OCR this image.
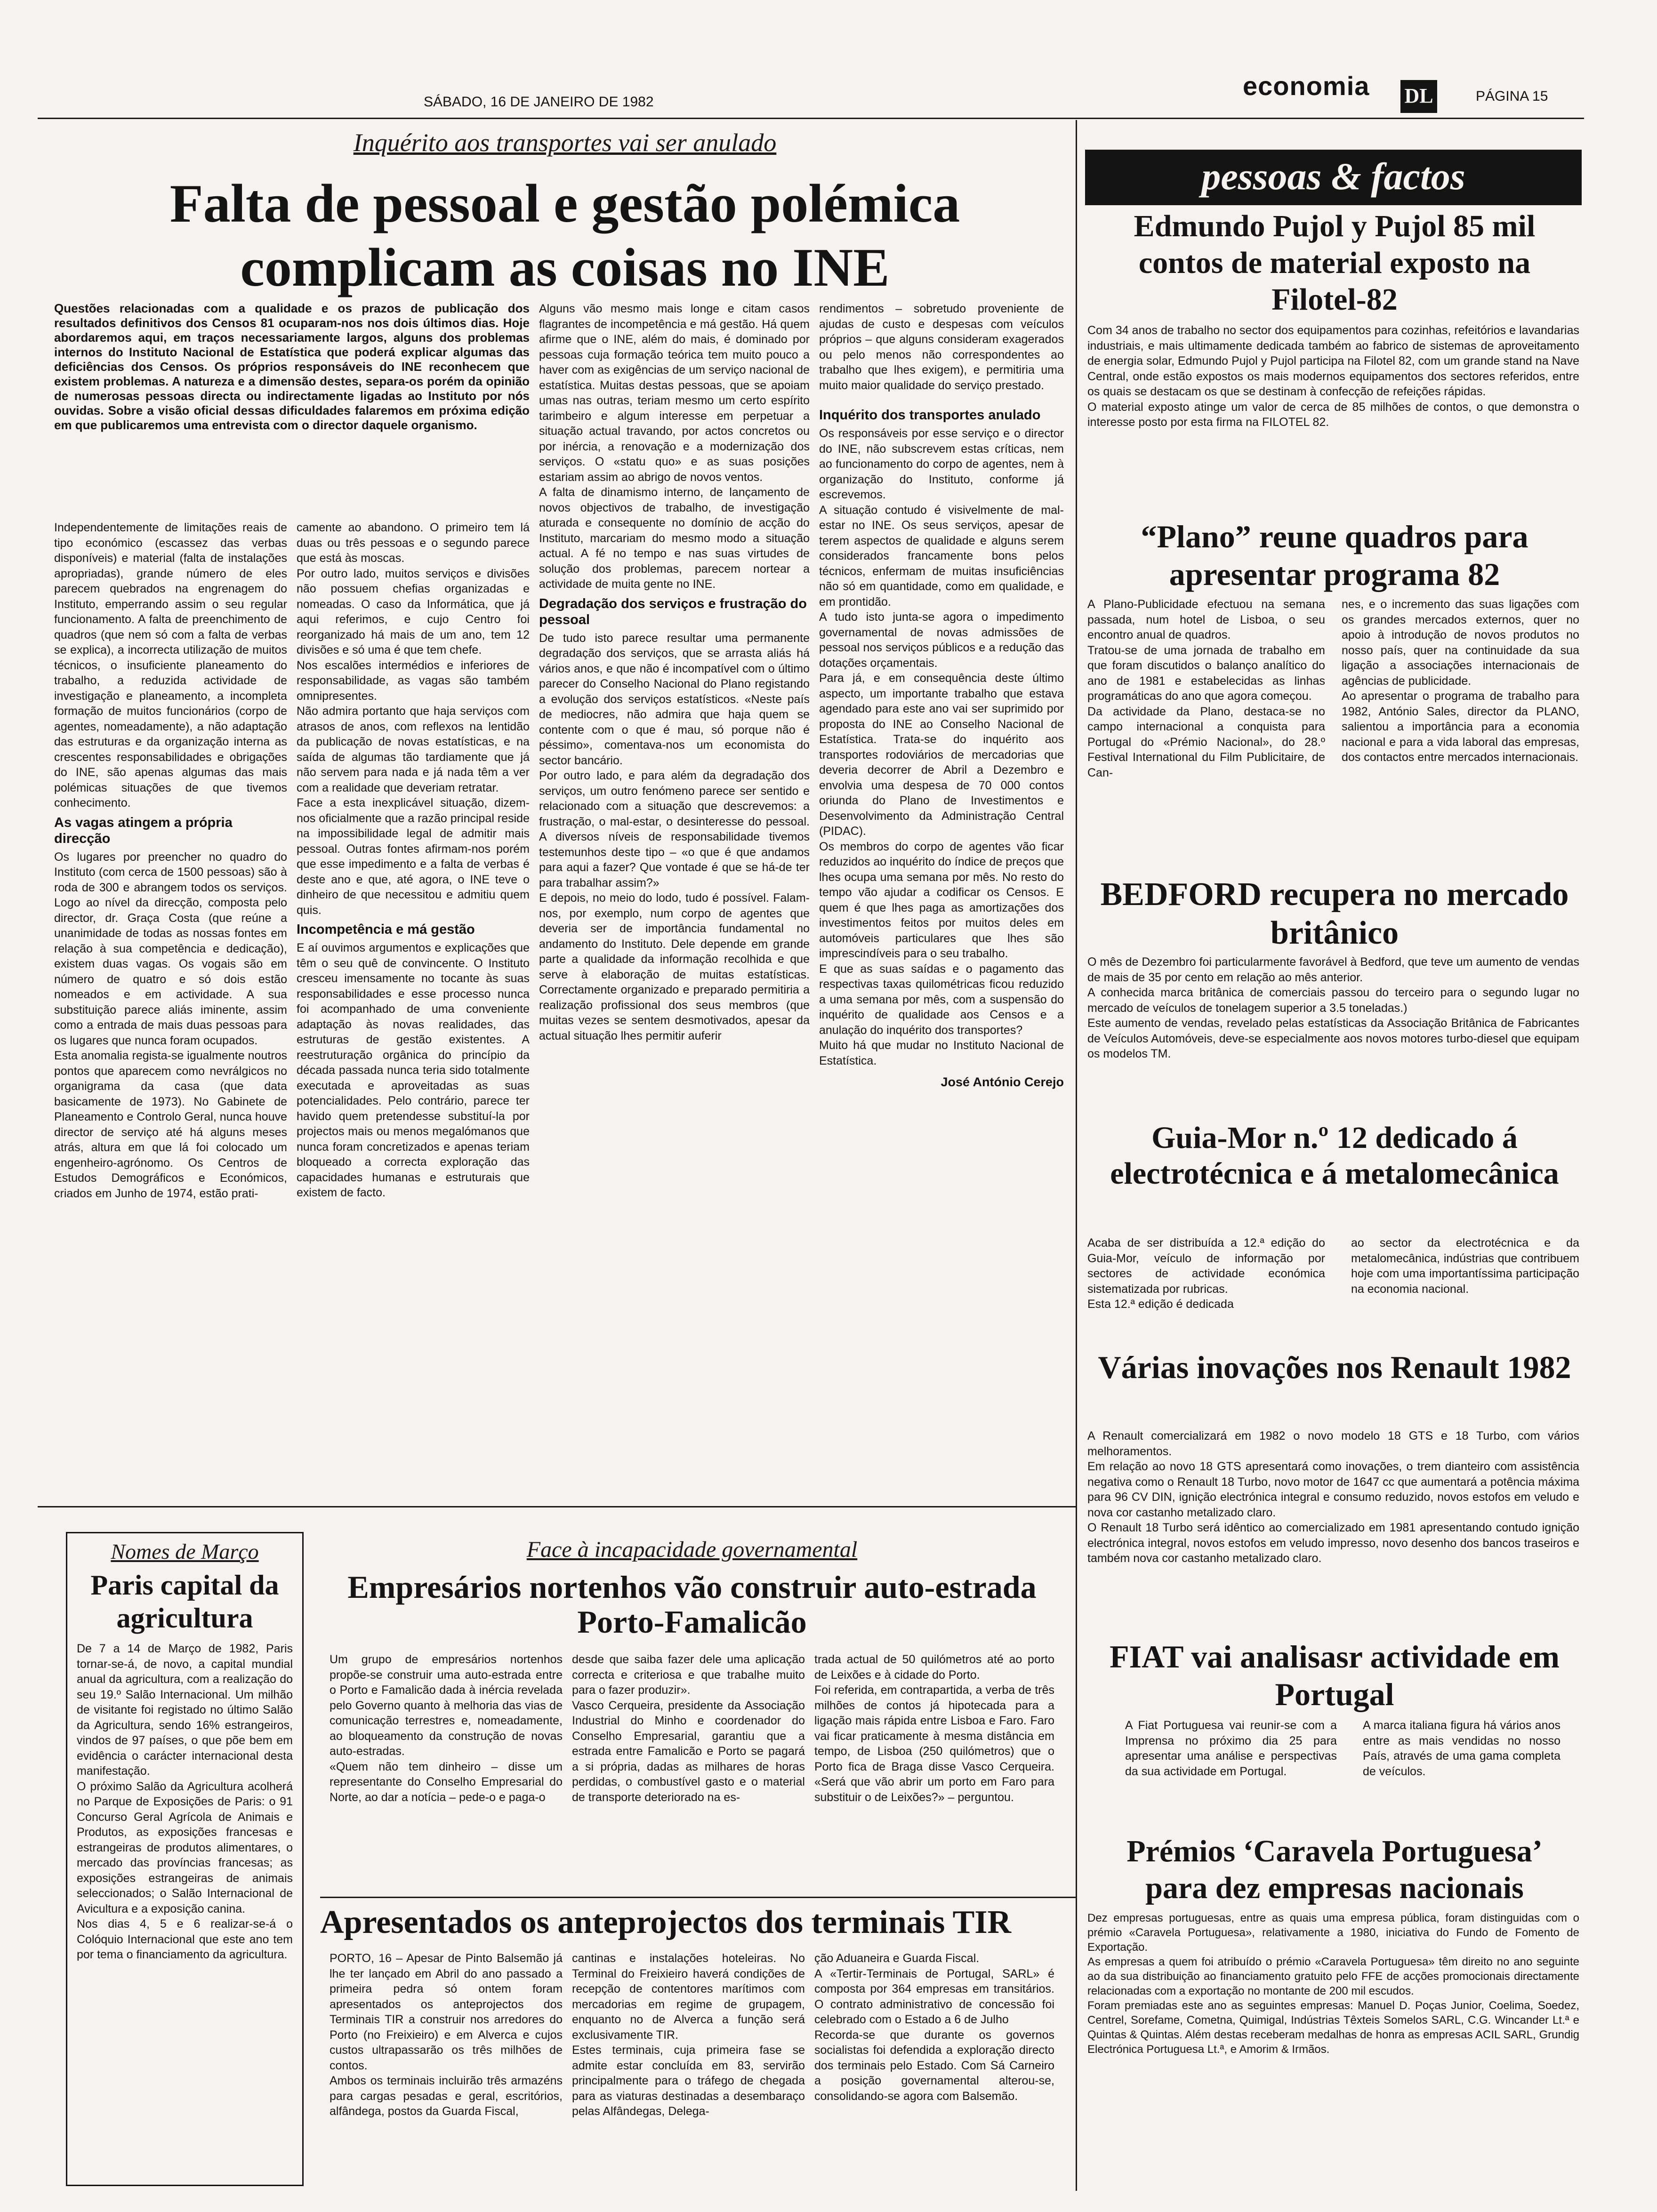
SÁBADO, 16 DE JANEIRO DE 1982
economia DL	PÁGINA 15
Inquérito aos transportes vai ser anulado
Falta de pessoal e gestão polémica complicam as coisas no INE

Questões relacionadas com a qualidade e os prazos de publicação dos resultados definitivos dos Censos 81 ocuparam-nos nos dois últimos dias. Hoje abordaremos aqui, em traços necessariamente largos, alguns dos problemas internos do Instituto Nacional de Estatística que poderá explicar algumas das deficiências dos Censos. Os próprios responsáveis do INE reconhecem que existem problemas. A natureza e a dimensão destes, separa-os porém da opinião de numerosas pessoas directa ou indirectamente ligadas ao Instituto por nós ouvidas. Sobre a visão oficial dessas dificuldades falaremos em próxima edição em que publicaremos uma entrevista com o director daquele organismo.

Independentemente de limitações reais de tipo económico (escassez das verbas disponíveis) e material (falta de instalações apropriadas), grande número de eles parecem quebrados na engrenagem do Instituto, emperrando assim o seu regular funcionamento. A falta de preenchimento de quadros (que nem só com a falta de verbas se explica), a incorrecta utilização de muitos técnicos, o insuficiente planeamento do trabalho, a reduzida actividade de investigação e planeamento, a incompleta formação de muitos funcionários (corpo de agentes, nomeadamente), a não adaptação das estruturas e da organização interna as crescentes responsabilidades e obrigações do INE, são apenas algumas das mais polémicas situações de que tivemos conhecimento.

As vagas atingem a própria direcção

Os lugares por preencher no quadro do Instituto (com cerca de 1500 pessoas) são à roda de 300 e abrangem todos os serviços. Logo ao nível da direcção, composta pelo director, dr. Graça Costa (que reúne a unanimidade de todas as nossas fontes em relação à sua competência e dedicação), existem duas vagas. Os vogais são em número de quatro e só dois estão nomeados e em actividade. A sua substituição parece aliás iminente, assim como a entrada de mais duas pessoas para os lugares que nunca foram ocupados.
Esta anomalia regista-se igualmente noutros pontos que aparecem como nevrálgicos no organigrama da casa (que data basicamente de 1973). No Gabinete de Planeamento e Controlo Geral, nunca houve director de serviço até há alguns meses atrás, altura em que lá foi colocado um engenheiro-agrónomo. Os Centros de Estudos Demográficos e Económicos, criados em Junho de 1974, estão prati-

camente ao abandono. O primeiro tem lá duas ou três pessoas e o segundo parece que está às moscas.
Por outro lado, muitos serviços e divisões não possuem chefias organizadas e nomeadas. O caso da Informática, que já aqui referimos, e cujo Centro foi reorganizado há mais de um ano, tem 12 divisões e só uma é que tem chefe.
Nos escalões intermédios e inferiores de responsabilidade, as vagas são também omnipresentes.
Não admira portanto que haja serviços com atrasos de anos, com reflexos na lentidão da publicação de novas estatísticas, e na saída de algumas tão tardiamente que já não servem para nada e já nada têm a ver com a realidade que deveriam retratar.
Face a esta inexplicável situação, dizem-nos oficialmente que a razão principal reside na impossibilidade legal de admitir mais pessoal. Outras fontes afirmam-nos porém que esse impedimento e a falta de verbas é deste ano e que, até agora, o INE teve o dinheiro de que necessitou e admitiu quem quis.

Incompetência e má gestão

E aí ouvimos argumentos e explicações que têm o seu quê de convincente. O Instituto cresceu imensamente no tocante às suas responsabilidades e esse processo nunca foi acompanhado de uma conveniente adaptação às novas realidades, das estruturas de gestão existentes. A reestruturação orgânica do princípio da década passada nunca teria sido totalmente executada e aproveitadas as suas potencialidades. Pelo contrário, parece ter havido quem pretendesse substituí-la por projectos mais ou menos megalómanos que nunca foram concretizados e apenas teriam bloqueado a correcta exploração das capacidades humanas e estruturais que existem de facto.

Alguns vão mesmo mais longe e citam casos flagrantes de incompetência e má gestão. Há quem afirme que o INE, além do mais, é dominado por pessoas cuja formação teórica tem muito pouco a haver com as exigências de um serviço nacional de estatística. Muitas destas pessoas, que se apoiam umas nas outras, teriam mesmo um certo espírito tarimbeiro e algum interesse em perpetuar a situação actual travando, por actos concretos ou por inércia, a renovação e a modernização dos serviços. O «statu quo» e as suas posições estariam assim ao abrigo de novos ventos.
A falta de dinamismo interno, de lançamento de novos objectivos de trabalho, de investigação aturada e consequente no domínio de acção do Instituto, marcariam do mesmo modo a situação actual. A fé no tempo e nas suas virtudes de solução dos problemas, parecem nortear a actividade de muita gente no INE.

Degradação dos serviços e frustração do pessoal

De tudo isto parece resultar uma permanente degradação dos serviços, que se arrasta aliás há vários anos, e que não é incompatível com o último parecer do Conselho Nacional do Plano registando a evolução dos serviços estatísticos. «Neste país de mediocres, não admira que haja quem se contente com o que é mau, só porque não é péssimo», comentava-nos um economista do sector bancário.
Por outro lado, e para além da degradação dos serviços, um outro fenómeno parece ser sentido e relacionado com a situação que descrevemos: a frustração, o mal-estar, o desinteresse do pessoal. A diversos níveis de responsabilidade tivemos testemunhos deste tipo – «o que é que andamos para aqui a fazer? Que vontade é que se há-de ter para trabalhar assim?»
E depois, no meio do lodo, tudo é possível. Falam-nos, por exemplo, num corpo de agentes que deveria ser de importância fundamental no andamento do Instituto. Dele depende em grande parte a qualidade da informação recolhida e que serve à elaboração de muitas estatísticas. Correctamente organizado e preparado permitiria a realização profissional dos seus membros (que muitas vezes se sentem desmotivados, apesar da actual situação lhes permitir auferir

rendimentos – sobretudo proveniente de ajudas de custo e despesas com veículos próprios – que alguns consideram exagerados ou pelo menos não correspondentes ao trabalho que lhes exigem), e permitiria uma muito maior qualidade do serviço prestado.

Inquérito dos transportes anulado

Os responsáveis por esse serviço e o director do INE, não subscrevem estas críticas, nem ao funcionamento do corpo de agentes, nem à organização do Instituto, conforme já escrevemos.
A situação contudo é visivelmente de mal-estar no INE. Os seus serviços, apesar de terem aspectos de qualidade e alguns serem considerados francamente bons pelos técnicos, enfermam de muitas insuficiências não só em quantidade, como em qualidade, e em prontidão.
A tudo isto junta-se agora o impedimento governamental de novas admissões de pessoal nos serviços públicos e a redução das dotações orçamentais.
Para já, e em consequência deste último aspecto, um importante trabalho que estava agendado para este ano vai ser suprimido por proposta do INE ao Conselho Nacional de Estatística. Trata-se do inquérito aos transportes rodoviários de mercadorias que deveria decorrer de Abril a Dezembro e envolvia uma despesa de 70 000 contos oriunda do Plano de Investimentos e Desenvolvimento da Administração Central (PIDAC).
Os membros do corpo de agentes vão ficar reduzidos ao inquérito do índice de preços que lhes ocupa uma semana por mês. No resto do tempo vão ajudar a codificar os Censos. E quem é que lhes paga as amortizações dos investimentos feitos por muitos deles em automóveis particulares que lhes são imprescindíveis para o seu trabalho.
E que as suas saídas e o pagamento das respectivas taxas quilométricas ficou reduzido a uma semana por mês, com a suspensão do inquérito de qualidade aos Censos e a anulação do inquérito dos transportes?
Muito há que mudar no Instituto Nacional de Estatística.

José António Cerejo
Nomes de Março
Paris capital da agricultura

De 7 a 14 de Março de 1982, Paris tornar-se-á, de novo, a capital mundial anual da agricultura, com a realização do seu 19.º Salão Internacional. Um milhão de visitante foi registado no último Salão da Agricultura, sendo 16% estrangeiros, vindos de 97 países, o que põe bem em evidência o carácter internacional desta manifestação.
O próximo Salão da Agricultura acolherá no Parque de Exposições de Paris: o 91 Concurso Geral Agrícola de Animais e Produtos, as exposições francesas e estrangeiras de produtos alimentares, o mercado das províncias francesas; as exposições estrangeiras de animais seleccionados; o Salão Internacional de Avicultura e a exposição canina.
Nos dias 4, 5 e 6 realizar-se-á o Colóquio Internacional que este ano tem por tema o financiamento da agricultura.

Face à incapacidade governamental
Empresários nortenhos vão construir auto-estrada Porto-Famalicão

Um grupo de empresários nortenhos propõe-se construir uma auto-estrada entre o Porto e Famalicão dada à inércia revelada pelo Governo quanto à melhoria das vias de comunicação terrestres e, nomeadamente, ao bloqueamento da construção de novas auto-estradas.
«Quem não tem dinheiro – disse um representante do Conselho Empresarial do Norte, ao dar a notícia – pede-o e paga-o

desde que saiba fazer dele uma aplicação correcta e criteriosa e que trabalhe muito para o fazer produzir».
Vasco Cerqueira, presidente da Associação Industrial do Minho e coordenador do Conselho Empresarial, garantiu que a estrada entre Famalicão e Porto se pagará a si própria, dadas as milhares de horas perdidas, o combustível gasto e o material de transporte deteriorado na es-

trada actual de 50 quilómetros até ao porto de Leixões e à cidade do Porto.
Foi referida, em contrapartida, a verba de três milhões de contos já hipotecada para a ligação mais rápida entre Lisboa e Faro. Faro vai ficar praticamente à mesma distância em tempo, de Lisboa (250 quilómetros) que o Porto fica de Braga disse Vasco Cerqueira. «Será que vão abrir um porto em Faro para substituir o de Leixões?» – perguntou.

Apresentados os anteprojectos dos terminais TIR

PORTO, 16 – Apesar de Pinto Balsemão já lhe ter lançado em Abril do ano passado a primeira pedra só ontem foram apresentados os anteprojectos dos Terminais TIR a construir nos arredores do Porto (no Freixieiro) e em Alverca e cujos custos ultrapassarão os três milhões de contos.
Ambos os terminais incluirão três armazéns para cargas pesadas e geral, escritórios, alfândega, postos da Guarda Fiscal,

cantinas e instalações hoteleiras. No Terminal do Freixieiro haverá condições de recepção de contentores marítimos com mercadorias em regime de grupagem, enquanto no de Alverca a função será exclusivamente TIR.
Estes terminais, cuja primeira fase se admite estar concluída em 83, servirão principalmente para o tráfego de chegada para as viaturas destinadas a desembaraço pelas Alfândegas, Delega-

ção Aduaneira e Guarda Fiscal.
A «Tertir-Terminais de Portugal, SARL» é composta por 364 empresas em transitários. O contrato administrativo de concessão foi celebrado com o Estado a 6 de Julho
Recorda-se que durante os governos socialistas foi defendida a exploração directo dos terminais pelo Estado. Com Sá Carneiro a posição governamental alterou-se, consolidando-se agora com Balsemão.

pessoas & factos
Edmundo Pujol y Pujol 85 mil contos de material exposto na Filotel-82

Com 34 anos de trabalho no sector dos equipamentos para cozinhas, refeitórios e lavandarias industriais, e mais ultimamente dedicada também ao fabrico de sistemas de aproveitamento de energia solar, Edmundo Pujol y Pujol participa na Filotel 82, com um grande stand na Nave Central, onde estão expostos os mais modernos equipamentos dos sectores referidos, entre os quais se destacam os que se destinam à confecção de refeições rápidas.
O material exposto atinge um valor de cerca de 85 milhões de contos, o que demonstra o interesse posto por esta firma na FILOTEL 82.

“Plano” reune quadros para apresentar programa 82

A Plano-Publicidade efectuou na semana passada, num hotel de Lisboa, o seu encontro anual de quadros.
Tratou-se de uma jornada de trabalho em que foram discutidos o balanço analítico do ano de 1981 e estabelecidas as linhas programáticas do ano que agora começou.
Da actividade da Plano, destaca-se no campo internacional a conquista para Portugal do «Prémio Nacional», do 28.º Festival International du Film Publicitaire, de Can-

nes, e o incremento das suas ligações com os grandes mercados externos, quer no apoio à introdução de novos produtos no nosso país, quer na continuidade da sua ligação a associações internacionais de agências de publicidade.
Ao apresentar o programa de trabalho para 1982, António Sales, director da PLANO, salientou a importância para a economia nacional e para a vida laboral das empresas, dos contactos entre mercados internacionais.

BEDFORD recupera no mercado britânico

O mês de Dezembro foi particularmente favorável à Bedford, que teve um aumento de vendas de mais de 35 por cento em relação ao mês anterior.
A conhecida marca britânica de comerciais passou do terceiro para o segundo lugar no mercado de veículos de tonelagem superior a 3.5 toneladas.)
Este aumento de vendas, revelado pelas estatísticas da Associação Britânica de Fabricantes de Veículos Automóveis, deve-se especialmente aos novos motores turbo-diesel que equipam os modelos TM.

Guia-Mor n.º 12 dedicado á electrotécnica e á metalomecânica

Acaba de ser distribuída a 12.ª edição do Guia-Mor, veículo de informação por sectores de actividade económica sistematizada por rubricas.
Esta 12.ª edição é dedicada

ao sector da electrotécnica e da metalomecânica, indústrias que contribuem hoje com uma importantíssima participação na economia nacional.

Várias inovações nos Renault 1982

A Renault comercializará em 1982 o novo modelo 18 GTS e 18 Turbo, com vários melhoramentos.
Em relação ao novo 18 GTS apresentará como inovações, o trem dianteiro com assistência negativa como o Renault 18 Turbo, novo motor de 1647 cc que aumentará a potência máxima para 96 CV DIN, ignição electrónica integral e consumo reduzido, novos estofos em veludo e nova cor castanho metalizado claro.
O Renault 18 Turbo será idêntico ao comercializado em 1981 apresentando contudo ignição electrónica integral, novos estofos em veludo impresso, novo desenho dos bancos traseiros e também nova cor castanho metalizado claro.

FIAT vai analisasr actividade em Portugal

A Fiat Portuguesa vai reunir-se com a Imprensa no próximo dia 25 para apresentar uma análise e perspectivas da sua actividade em Portugal.

A marca italiana figura há vários anos entre as mais vendidas no nosso País, através de uma gama completa de veículos.

Prémios ‘Caravela Portuguesa’ para dez empresas nacionais

Dez empresas portuguesas, entre as quais uma empresa pública, foram distinguidas com o prémio «Caravela Portuguesa», relativamente a 1980, iniciativa do Fundo de Fomento de Exportação.
As empresas a quem foi atribuído o prémio «Caravela Portuguesa» têm direito no ano seguinte ao da sua distribuição ao financiamento gratuito pelo FFE de acções promocionais directamente relacionadas com a exportação no montante de 200 mil escudos.
Foram premiadas este ano as seguintes empresas: Manuel D. Poças Junior, Coelima, Soedez, Centrel, Sorefame, Cometna, Quimigal, Indústrias Têxteis Somelos SARL, C.G. Wincander Lt.ª e Quintas & Quintas. Além destas receberam medalhas de honra as empresas ACIL SARL, Grundig Electrónica Portuguesa Lt.ª, e Amorim & Irmãos.
